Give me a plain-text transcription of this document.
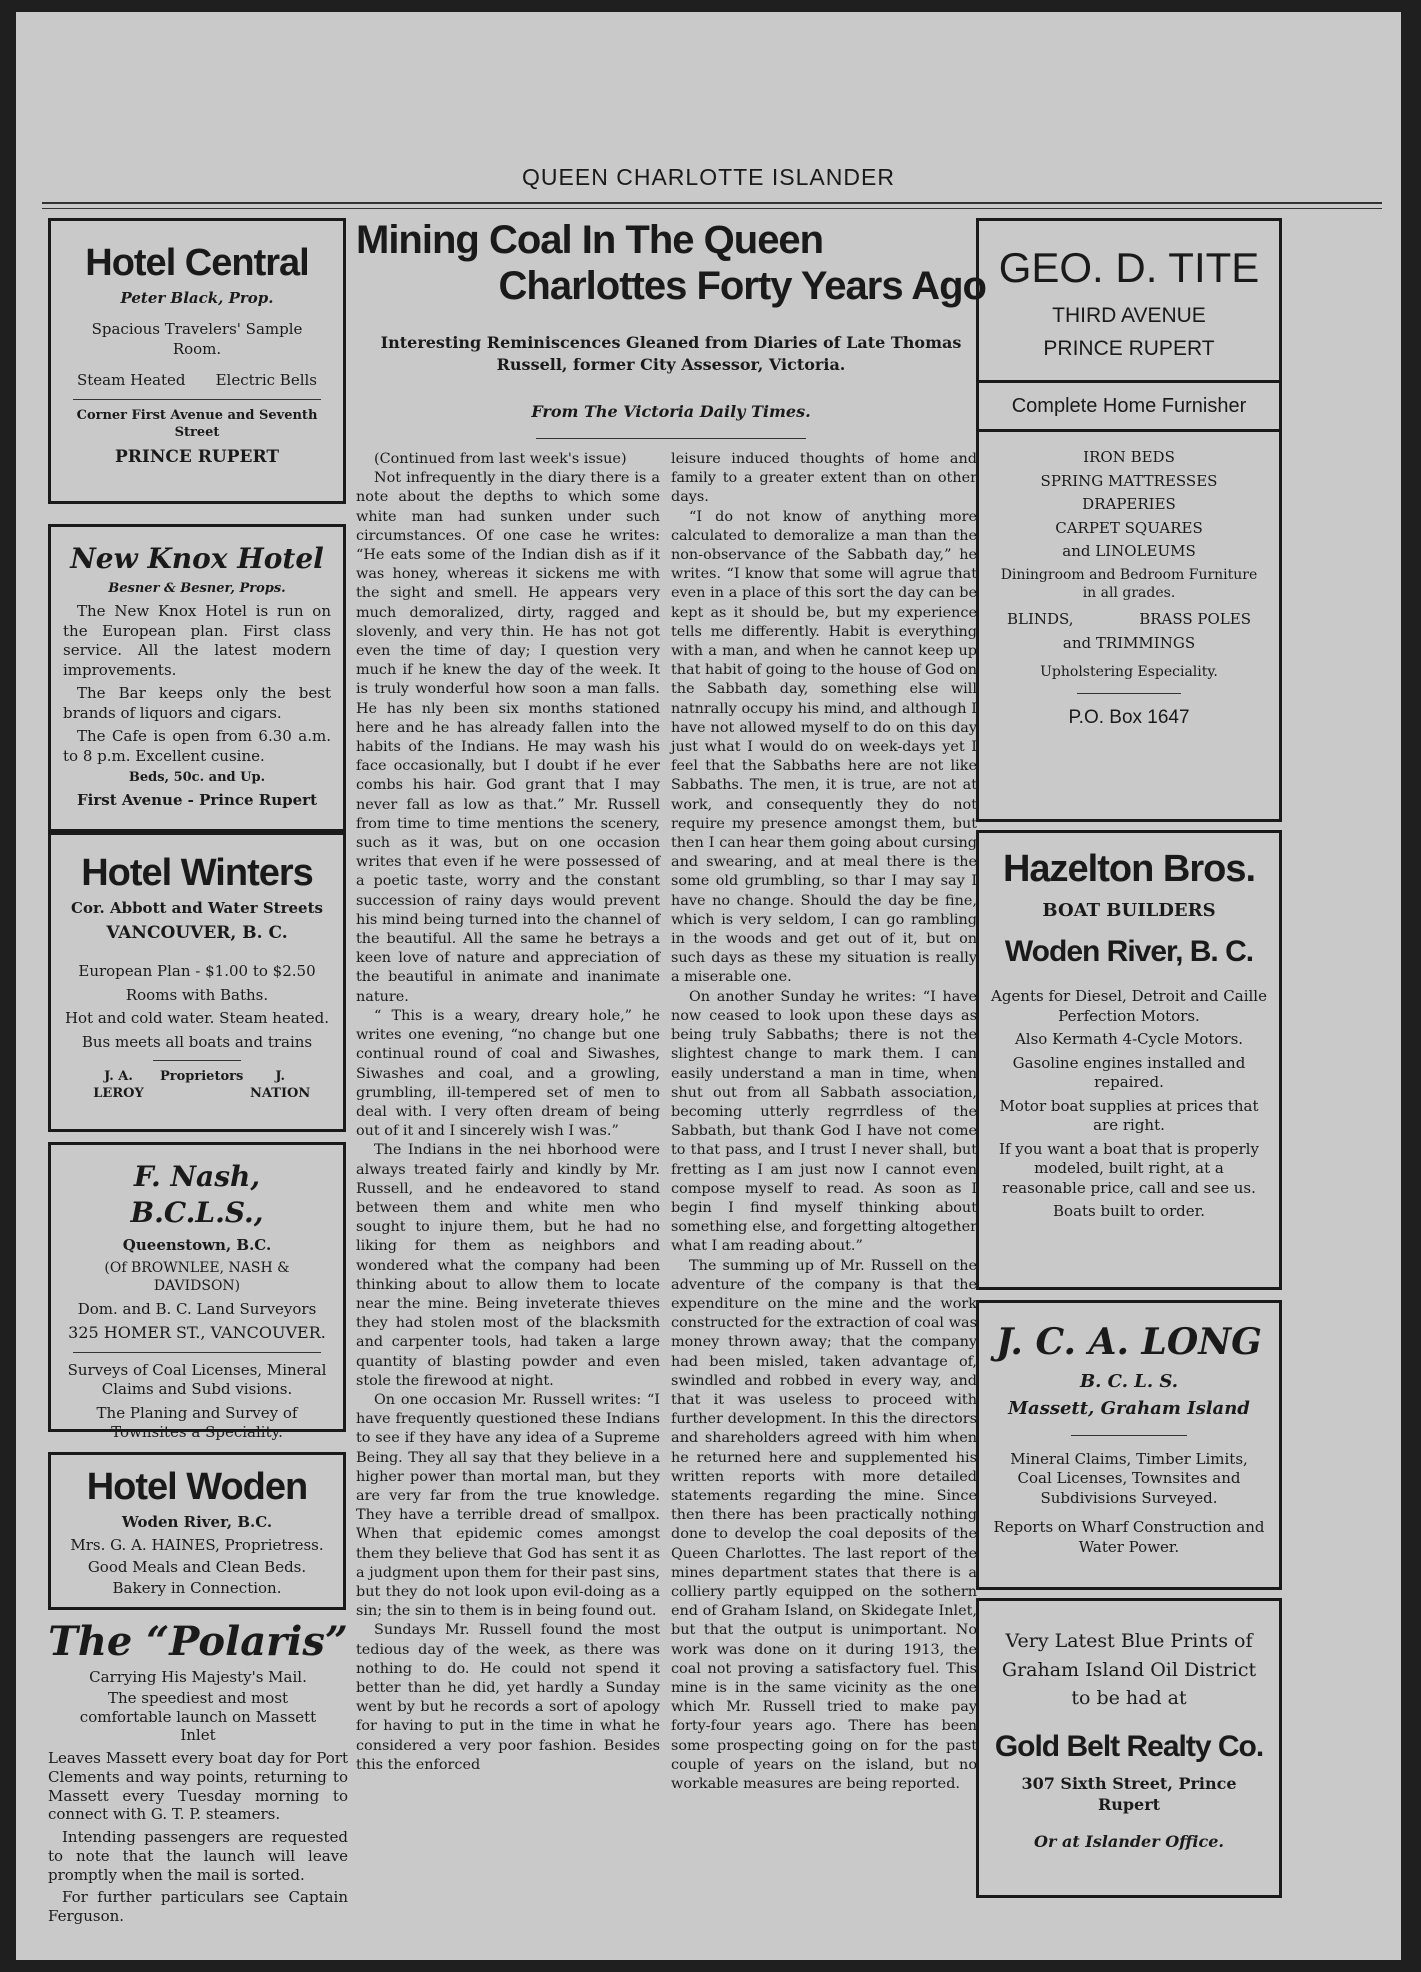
QUEEN CHARLOTTE ISLANDER
Hotel Central

Peter Black, Prop.

Spacious Travelers' Sample Room.

Steam Heated Electric Bells

Corner First Avenue and Seventh Street

PRINCE RUPERT

New Knox Hotel

Besner & Besner, Props.

The New Knox Hotel is run on the European plan. First class service. All the latest modern improvements.

The Bar keeps only the best brands of liquors and cigars.

The Cafe is open from 6.30 a.m. to 8 p.m. Excellent cusine.

Beds, 50c. and Up.

First Avenue - Prince Rupert
Hotel Winters

Cor. Abbott and Water Streets

VANCOUVER, B. C.

European Plan - $1.00 to $2.50

Rooms with Baths.

Hot and cold water. Steam heated.

Bus meets all boats and trains

J. A. LEROY
Proprietors	J. NATION
F. Nash, B.C.L.S.,

Queenstown, B.C.

(Of BROWNLEE, NASH & DAVIDSON)

Dom. and B. C. Land Surveyors

325 HOMER ST., VANCOUVER.

Surveys of Coal Licenses, Mineral Claims and Subd visions.

The Planing and Survey of Townsites a Speciality.

Hotel Woden

Woden River, B.C.

Mrs. G. A. HAINES, Proprietress.

Good Meals and Clean Beds.

Bakery in Connection.

The “Polaris”

Carrying His Majesty's Mail.

The speediest and most comfortable launch on Massett Inlet

Leaves Massett every boat day for Port Clements and way points, returning to Massett every Tuesday morning to connect with G. T. P. steamers.

Intending passengers are requested to note that the launch will leave promptly when the mail is sorted.

For further particulars see Captain Ferguson.

Mining Coal In The Queen
Charlottes Forty Years Ago
Interesting Reminiscences Gleaned from Diaries of Late Thomas Russell, former City Assessor, Victoria.
From The Victoria Daily Times.

(Continued from last week's issue)

Not infrequently in the diary there is a note about the depths to which some white man had sunken under such circumstances. Of one case he writes: “He eats some of the Indian dish as if it was honey, whereas it sickens me with the sight and smell. He appears very much demoralized, dirty, ragged and slovenly, and very thin. He has not got even the time of day; I question very much if he knew the day of the week. It is truly wonderful how soon a man falls. He has nly been six months stationed here and he has already fallen into the habits of the Indians. He may wash his face occasionally, but I doubt if he ever combs his hair. God grant that I may never fall as low as that.” Mr. Russell from time to time mentions the scenery, such as it was, but on one occasion writes that even if he were possessed of a poetic taste, worry and the constant succession of rainy days would prevent his mind being turned into the channel of the beautiful. All the same he betrays a keen love of nature and appreciation of the beautiful in animate and inanimate nature.

“ This is a weary, dreary hole,” he writes one evening, “no change but one continual round of coal and Siwashes, Siwashes and coal, and a growling, grumbling, ill-tempered set of men to deal with. I very often dream of being out of it and I sincerely wish I was.”

The Indians in the nei hborhood were always treated fairly and kindly by Mr. Russell, and he endeavored to stand between them and white men who sought to injure them, but he had no liking for them as neighbors and wondered what the company had been thinking about to allow them to locate near the mine. Being inveterate thieves they had stolen most of the blacksmith and carpenter tools, had taken a large quantity of blasting powder and even stole the firewood at night.

On one occasion Mr. Russell writes: “I have frequently questioned these Indians to see if they have any idea of a Supreme Being. They all say that they believe in a higher power than mortal man, but they are very far from the true knowledge. They have a terrible dread of smallpox. When that epidemic comes amongst them they believe that God has sent it as a judgment upon them for their past sins, but they do not look upon evil-doing as a sin; the sin to them is in being found out.

Sundays Mr. Russell found the most tedious day of the week, as there was nothing to do. He could not spend it better than he did, yet hardly a Sunday went by but he records a sort of apology for having to put in the time in what he considered a very poor fashion. Besides this the enforced

leisure induced thoughts of home and family to a greater extent than on other days.

“I do not know of anything more calculated to demoralize a man than the non-observance of the Sabbath day,” he writes. “I know that some will agrue that even in a place of this sort the day can be kept as it should be, but my experience tells me differently. Habit is everything with a man, and when he cannot keep up that habit of going to the house of God on the Sabbath day, something else will natnrally occupy his mind, and although I have not allowed myself to do on this day just what I would do on week-days yet I feel that the Sabbaths here are not like Sabbaths. The men, it is true, are not at work, and consequently they do not require my presence amongst them, but then I can hear them going about cursing and swearing, and at meal there is the some old grumbling, so thar I may say I have no change. Should the day be fine, which is very seldom, I can go rambling in the woods and get out of it, but on such days as these my situation is really a miserable one.

On another Sunday he writes: “I have now ceased to look upon these days as being truly Sabbaths; there is not the slightest change to mark them. I can easily understand a man in time, when shut out from all Sabbath association, becoming utterly regrrdless of the Sabbath, but thank God I have not come to that pass, and I trust I never shall, but fretting as I am just now I cannot even compose myself to read. As soon as I begin I find myself thinking about something else, and forgetting altogether what I am reading about.”

The summing up of Mr. Russell on the adventure of the company is that the expenditure on the mine and the work constructed for the extraction of coal was money thrown away; that the company had been misled, taken advantage of, swindled and robbed in every way, and that it was useless to proceed with further development. In this the directors and shareholders agreed with him when he returned here and supplemented his written reports with more detailed statements regarding the mine. Since then there has been practically nothing done to develop the coal deposits of the Queen Charlottes. The last report of the mines department states that there is a colliery partly equipped on the sothern end of Graham Island, on Skidegate Inlet, but that the output is unimportant. No work was done on it during 1913, the coal not proving a satisfactory fuel. This mine is in the same vicinity as the one which Mr. Russell tried to make pay forty-four years ago. There has been some prospecting going on for the past couple of years on the island, but no workable measures are being reported.

GEO. D. TITE

THIRD AVENUE

PRINCE RUPERT

Complete Home Furnisher

IRON BEDS

SPRING MATTRESSES

DRAPERIES

CARPET SQUARES

and LINOLEUMS

Diningroom and Bedroom Furniture in all grades.

BLINDS,	BRASS POLES

and TRIMMINGS

Upholstering Especiality.

P.O. Box 1647

Hazelton Bros.

BOAT BUILDERS

Woden River, B. C.

Agents for Diesel, Detroit and Caille Perfection Motors.

Also Kermath 4-Cycle Motors.

Gasoline engines installed and repaired.

Motor boat supplies at prices that are right.

If you want a boat that is properly modeled, built right, at a reasonable price, call and see us.

Boats built to order.

J. C. A. LONG

B. C. L. S.

Massett, Graham Island

Mineral Claims, Timber Limits, Coal Licenses, Townsites and Subdivisions Surveyed.

Reports on Wharf Construction and Water Power.

Very Latest Blue Prints of

Graham Island Oil District

to be had at

Gold Belt Realty Co.

307 Sixth Street, Prince Rupert

Or at Islander Office.
